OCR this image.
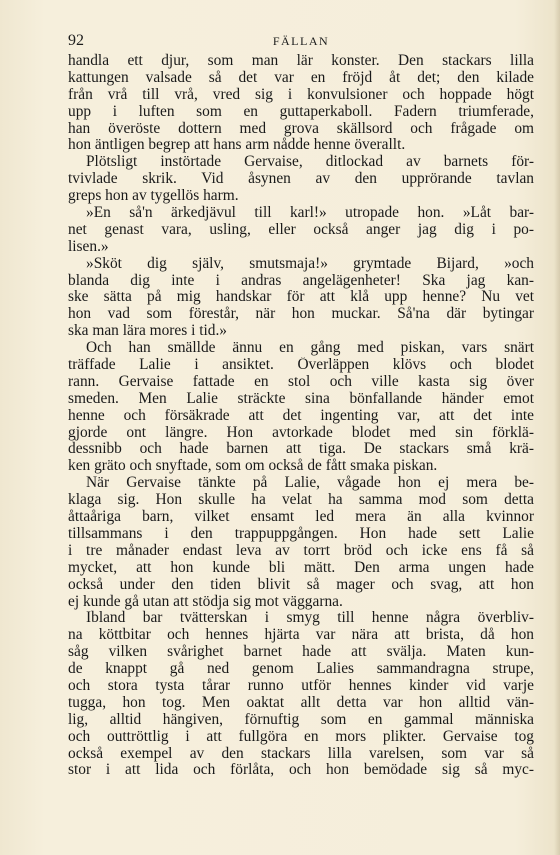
92	FÄLLAN
handla ett djur, som man lär konster. Den stackars lilla
kattungen valsade så det var en fröjd åt det; den kilade
från vrå till vrå, vred sig i konvulsioner och hoppade högt
upp i luften som en guttaperkaboll. Fadern triumferade,
han överöste dottern med grova skällsord och frågade om
hon äntligen begrep att hans arm nådde henne överallt.
Plötsligt instörtade Gervaise, ditlockad av barnets för-
tvivlade skrik. Vid åsynen av den upprörande tavlan
greps hon av tygellös harm.
»En så'n ärkedjävul till karl!» utropade hon. »Låt bar-
net genast vara, usling, eller också anger jag dig i po-
lisen.»
»Sköt dig själv, smutsmaja!» grymtade Bijard, »och
blanda dig inte i andras angelägenheter! Ska jag kan-
ske sätta på mig handskar för att klå upp henne? Nu vet
hon vad som förestår, när hon muckar. Så'na där bytingar
ska man lära mores i tid.»
Och han smällde ännu en gång med piskan, vars snärt
träffade Lalie i ansiktet. Överläppen klövs och blodet
rann. Gervaise fattade en stol och ville kasta sig över
smeden. Men Lalie sträckte sina bönfallande händer emot
henne och försäkrade att det ingenting var, att det inte
gjorde ont längre. Hon avtorkade blodet med sin förklä-
dessnibb och hade barnen att tiga. De stackars små krä-
ken gräto och snyftade, som om också de fått smaka piskan.
När Gervaise tänkte på Lalie, vågade hon ej mera be-
klaga sig. Hon skulle ha velat ha samma mod som detta
åttaåriga barn, vilket ensamt led mera än alla kvinnor
tillsammans i den trappuppgången. Hon hade sett Lalie
i tre månader endast leva av torrt bröd och icke ens få så
mycket, att hon kunde bli mätt. Den arma ungen hade
också under den tiden blivit så mager och svag, att hon
ej kunde gå utan att stödja sig mot väggarna.
Ibland bar tvätterskan i smyg till henne några överbliv-
na köttbitar och hennes hjärta var nära att brista, då hon
såg vilken svårighet barnet hade att svälja. Maten kun-
de knappt gå ned genom Lalies sammandragna strupe,
och stora tysta tårar runno utför hennes kinder vid varje
tugga, hon tog. Men oaktat allt detta var hon alltid vän-
lig, alltid hängiven, förnuftig som en gammal människa
och outtröttlig i att fullgöra en mors plikter. Gervaise tog
också exempel av den stackars lilla varelsen, som var så
stor i att lida och förlåta, och hon bemödade sig så myc-
